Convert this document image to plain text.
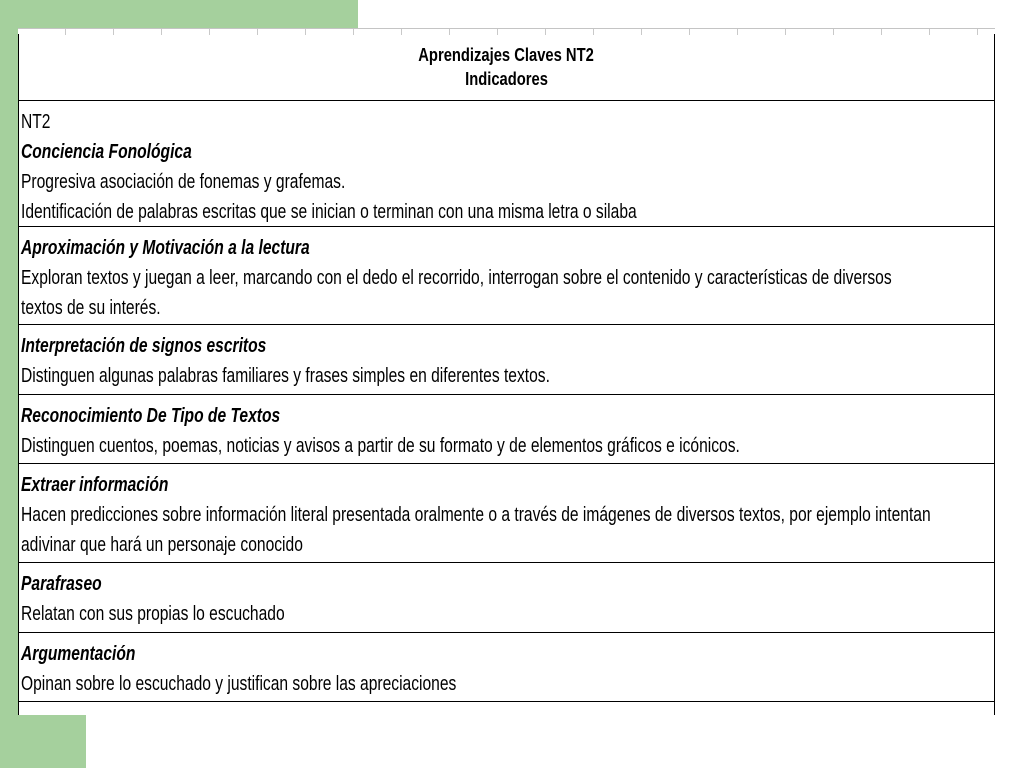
Aprendizajes Claves NT2
Indicadores
NT2
Conciencia Fonológica
Progresiva asociación de fonemas y grafemas.
Identificación de palabras escritas que se inician o terminan con una misma letra o silaba
Aproximación y Motivación a la lectura
Exploran textos y juegan a leer, marcando con el dedo el recorrido, interrogan sobre el contenido y características de diversos
textos de su interés.
Interpretación de signos escritos
Distinguen algunas palabras familiares y frases simples en diferentes textos.
Reconocimiento De Tipo de Textos
Distinguen cuentos, poemas, noticias y avisos a partir de su formato y de elementos gráficos e icónicos.
Extraer información
Hacen predicciones sobre información literal presentada oralmente o a través de imágenes de diversos textos, por ejemplo intentan
adivinar que hará un personaje conocido
Parafraseo
Relatan con sus propias lo escuchado
Argumentación
Opinan sobre lo escuchado y justifican sobre las apreciaciones
